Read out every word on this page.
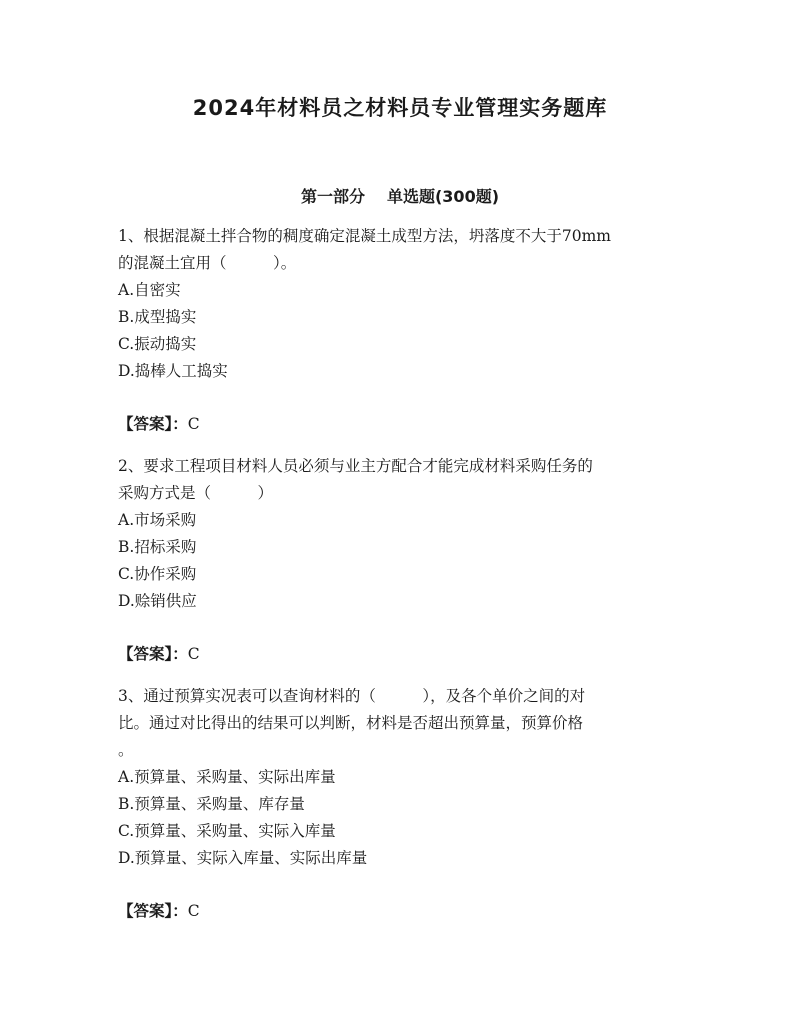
2024年材料员之材料员专业管理实务题库
第一部分 单选题(300题)

1、根据混凝土拌合物的稠度确定混凝土成型方法，坍落度不大于70mm
的混凝土宜用（　　　）。

A.自密实
B.成型捣实
C.振动捣实
D.捣棒人工捣实
【答案】：C

2、要求工程项目材料人员必须与业主方配合才能完成材料采购任务的
采购方式是（　　　）

A.市场采购
B.招标采购
C.协作采购
D.赊销供应
【答案】：C

3、通过预算实况表可以查询材料的（　　　），及各个单价之间的对
比。通过对比得出的结果可以判断，材料是否超出预算量，预算价格
。

A.预算量、采购量、实际出库量
B.预算量、采购量、库存量
C.预算量、采购量、实际入库量
D.预算量、实际入库量、实际出库量
【答案】：C
